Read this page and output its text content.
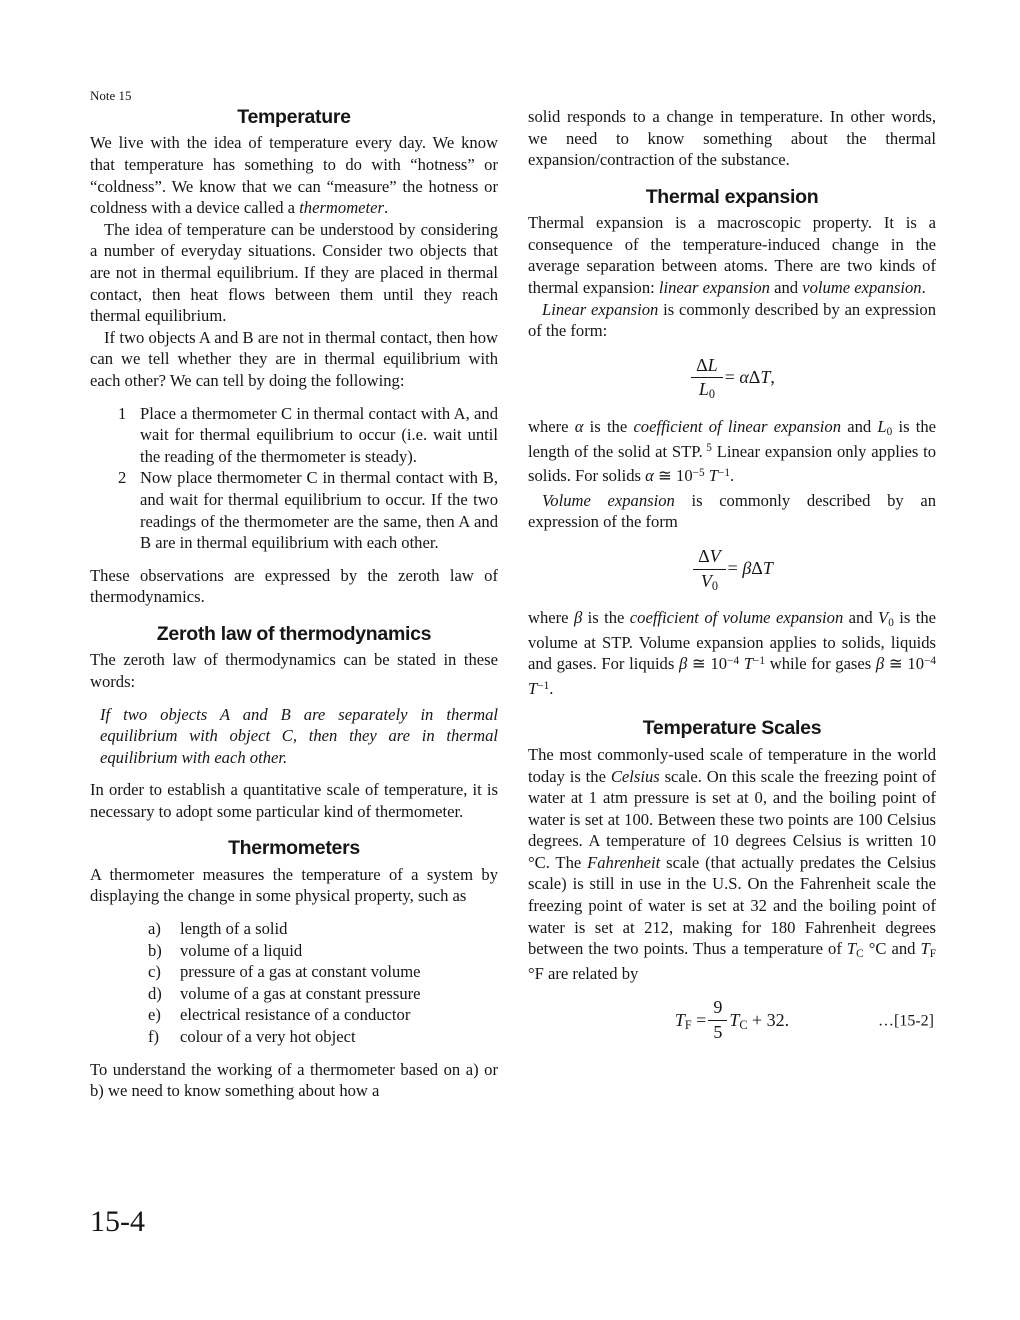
Note 15
Temperature

We live with the idea of temperature every day. We know that temperature has something to do with “hotness” or “coldness”. We know that we can “measure” the hotness or coldness with a device called a thermometer.

The idea of temperature can be understood by considering a number of everyday situations. Consider two objects that are not in thermal equilibrium. If they are placed in thermal contact, then heat flows between them until they reach thermal equilibrium.

If two objects A and B are not in thermal contact, then how can we tell whether they are in thermal equilibrium with each other? We can tell by doing the following:

1 Place a thermometer C in thermal contact with A, and wait for thermal equilibrium to occur (i.e. wait until the reading of the thermometer is steady).
2 Now place thermometer C in thermal contact with B, and wait for thermal equilibrium to occur. If the two readings of the thermometer are the same, then A and B are in thermal equilibrium with each other.

These observations are expressed by the zeroth law of thermodynamics.

Zeroth law of thermodynamics

The zeroth law of thermodynamics can be stated in these words:

If two objects A and B are separately in thermal equilibrium with object C, then they are in thermal equilibrium with each other.

In order to establish a quantitative scale of temperature, it is necessary to adopt some particular kind of thermometer.

Thermometers

A thermometer measures the temperature of a system by displaying the change in some physical property, such as

a) length of a solid
b) volume of a liquid
c) pressure of a gas at constant volume
d) volume of a gas at constant pressure
e) electrical resistance of a conductor
f) colour of a very hot object

To understand the working of a thermometer based on a) or b) we need to know something about how a

solid responds to a change in temperature. In other words, we need to know something about the thermal expansion/contraction of the substance.

Thermal expansion

Thermal expansion is a macroscopic property. It is a consequence of the temperature-induced change in the average separation between atoms. There are two kinds of thermal expansion: linear expansion and volume expansion.

Linear expansion is commonly described by an expression of the form:

$\frac{\Delta L}{L0} = \alpha\Delta T$,

where α is the coefficient of linear expansion and L0 is the length of the solid at STP. $^5$ Linear expansion only applies to solids. For solids α ≅ $10^{-5}$ $T^{-1}$.

Volume expansion is commonly described by an expression of the form

$\frac{\Delta V}{V0} = \beta\Delta T$

where β is the coefficient of volume expansion and V0 is the volume at STP. Volume expansion applies to solids, liquids and gases. For liquids β ≅ $10^{-4}$ $T^{-1}$ while for gases β ≅ $10^{-4}$ $T^{-1}$.

Temperature Scales

The most commonly-used scale of temperature in the world today is the Celsius scale. On this scale the freezing point of water at 1 atm pressure is set at 0, and the boiling point of water is set at 100. Between these two points are 100 Celsius degrees. A temperature of 10 degrees Celsius is written 10 °C. The Fahrenheit scale (that actually predates the Celsius scale) is still in use in the U.S. On the Fahrenheit scale the freezing point of water is set at 32 and the boiling point of water is set at 212, making for 180 Fahrenheit degrees between the two points. Thus a temperature of TC °C and TF °F are related by

TF = $\frac{9}{5}$ TC + 32.	…[15-2]
15-4
